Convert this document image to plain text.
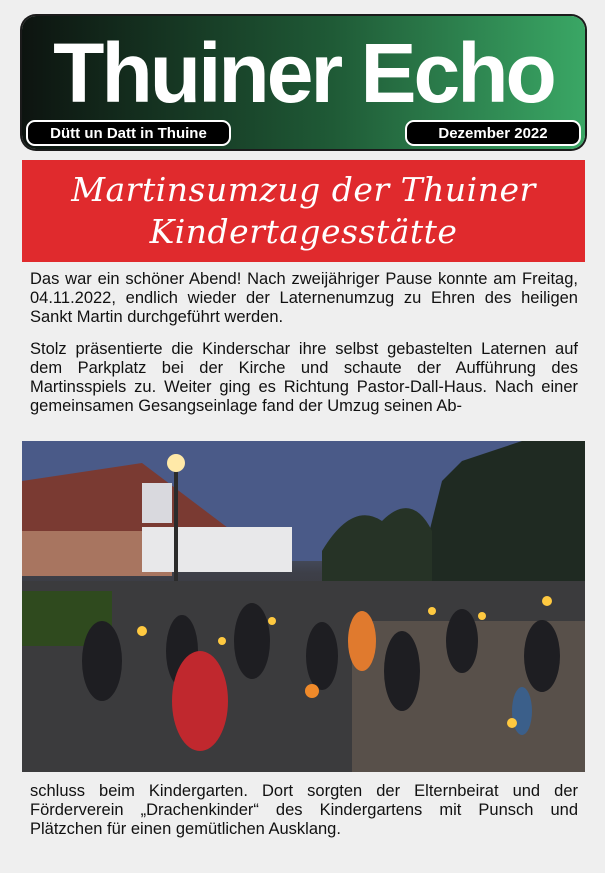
Thuiner Echo
Dütt un Datt in Thuine	Dezember 2022
Martinsumzug der Thuiner
Kindertagesstätte

Das war ein schöner Abend! Nach zweijähriger Pause konnte am Freitag, 04.11.2022, endlich wieder der Laternenumzug zu Ehren des heiligen Sankt Martin durchgeführt werden.

Stolz präsentierte die Kinderschar ihre selbst gebastelten Laternen auf dem Parkplatz bei der Kirche und schaute der Aufführung des Martinsspiels zu. Weiter ging es Richtung Pastor-Dall-Haus. Nach einer gemeinsamen Gesangseinlage fand der Umzug seinen Ab-

schluss beim Kindergarten. Dort sorgten der Elternbeirat und der Förderverein „Drachenkinder“ des Kindergartens mit Punsch und Plätzchen für einen gemütlichen Ausklang.
